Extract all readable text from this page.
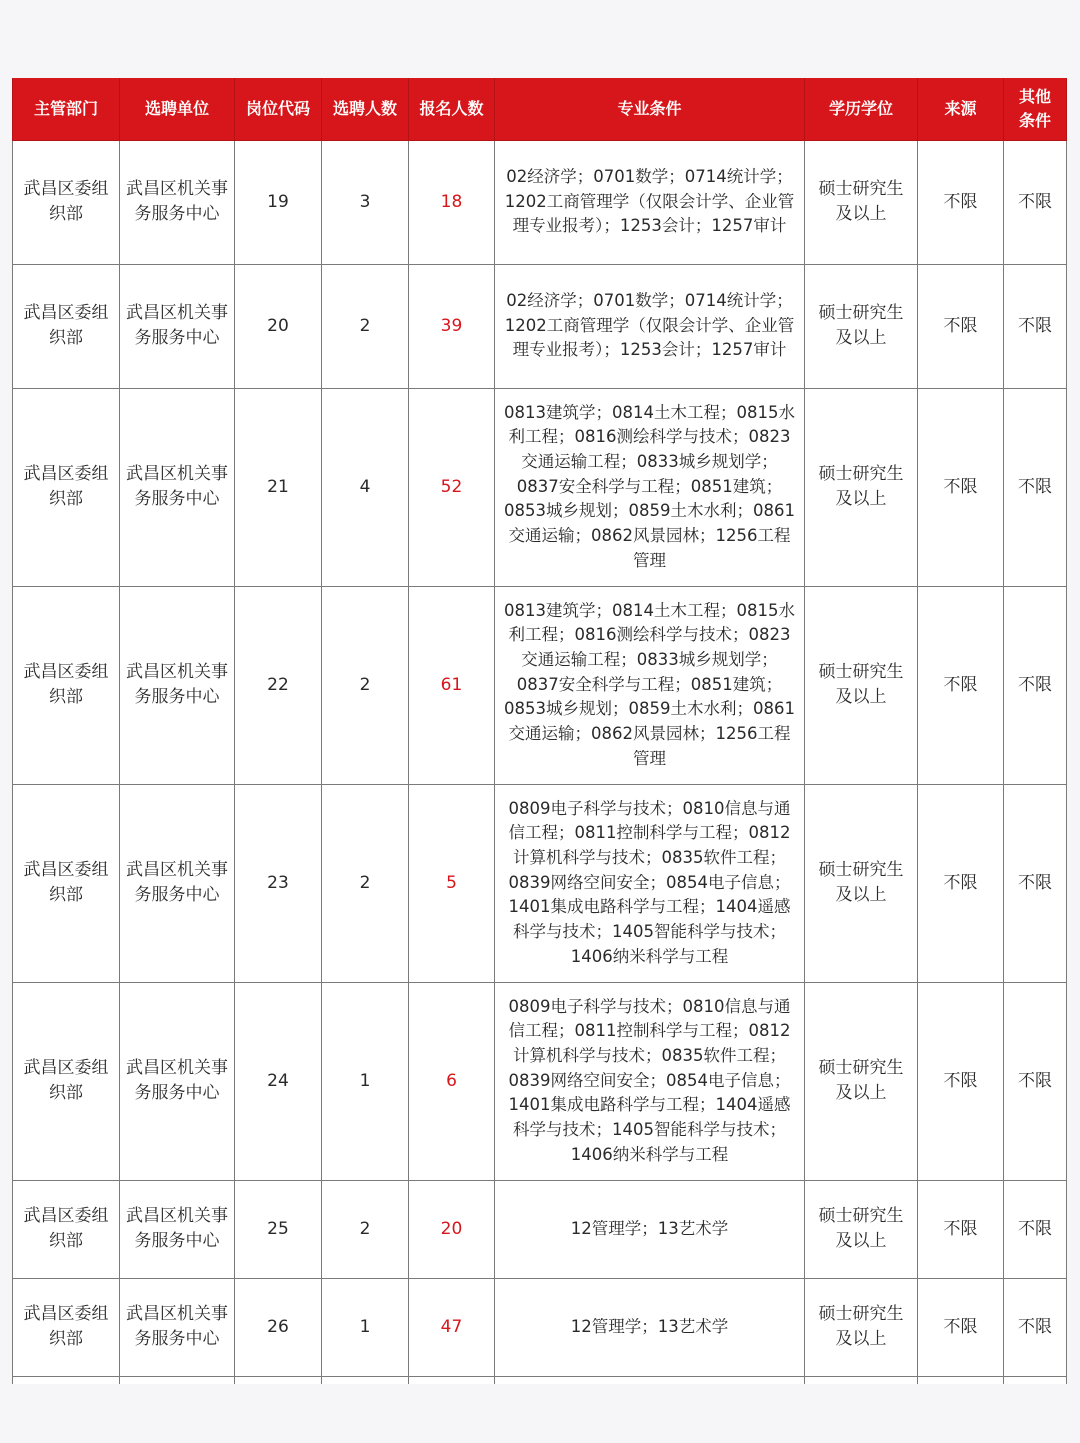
主管部门	选聘单位	岗位代码	选聘人数	报名人数	专业条件	学历学位	来源	其他条件
武昌区委组织部	武昌区机关事务服务中心	19	3	18	02经济学；0701数学；0714统计学；1202工商管理学（仅限会计学、企业管理专业报考）；1253会计；1257审计	硕士研究生及以上	不限	不限
武昌区委组织部	武昌区机关事务服务中心	20	2	39	02经济学；0701数学；0714统计学；1202工商管理学（仅限会计学、企业管理专业报考）；1253会计；1257审计	硕士研究生及以上	不限	不限
武昌区委组织部	武昌区机关事务服务中心	21	4	52	0813建筑学；0814土木工程；0815水利工程；0816测绘科学与技术；0823交通运输工程；0833城乡规划学；0837安全科学与工程；0851建筑；0853城乡规划；0859土木水利；0861交通运输；0862风景园林；1256工程管理	硕士研究生及以上	不限	不限
武昌区委组织部	武昌区机关事务服务中心	22	2	61	0813建筑学；0814土木工程；0815水利工程；0816测绘科学与技术；0823交通运输工程；0833城乡规划学；0837安全科学与工程；0851建筑；0853城乡规划；0859土木水利；0861交通运输；0862风景园林；1256工程管理	硕士研究生及以上	不限	不限
武昌区委组织部	武昌区机关事务服务中心	23	2	5	0809电子科学与技术；0810信息与通信工程；0811控制科学与工程；0812计算机科学与技术；0835软件工程；0839网络空间安全；0854电子信息；1401集成电路科学与工程；1404遥感科学与技术；1405智能科学与技术；1406纳米科学与工程	硕士研究生及以上	不限	不限
武昌区委组织部	武昌区机关事务服务中心	24	1	6	0809电子科学与技术；0810信息与通信工程；0811控制科学与工程；0812计算机科学与技术；0835软件工程；0839网络空间安全；0854电子信息；1401集成电路科学与工程；1404遥感科学与技术；1405智能科学与技术；1406纳米科学与工程	硕士研究生及以上	不限	不限
武昌区委组织部	武昌区机关事务服务中心	25	2	20	12管理学；13艺术学	硕士研究生及以上	不限	不限
武昌区委组织部	武昌区机关事务服务中心	26	1	47	12管理学；13艺术学	硕士研究生及以上	不限	不限
